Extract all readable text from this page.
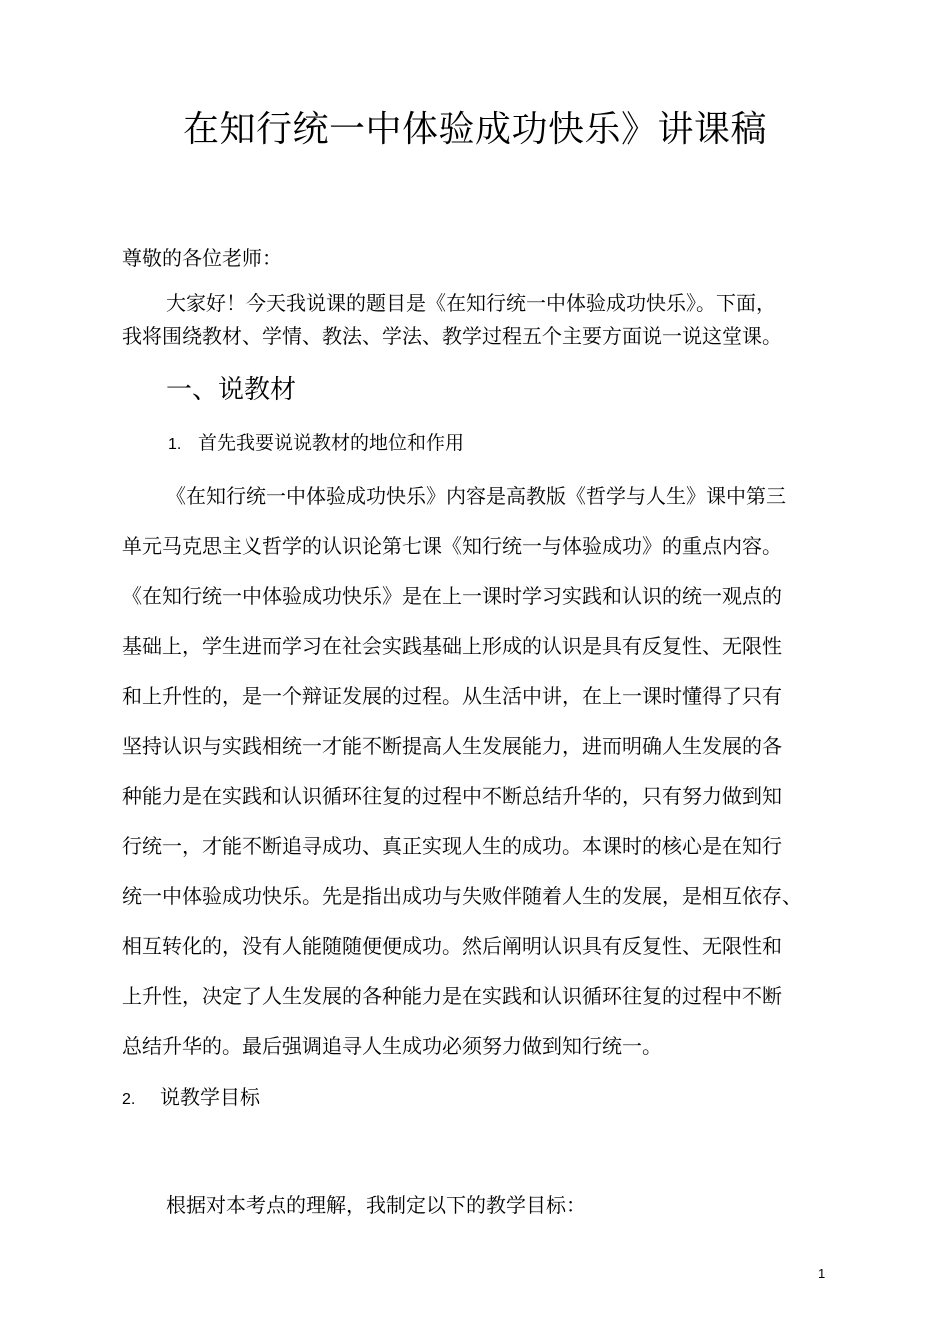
在知行统一中体验成功快乐》讲课稿
尊敬的各位老师：
大家好！今天我说课的题目是《在知行统一中体验成功快乐》。下面，
我将围绕教材、学情、教法、学法、教学过程五个主要方面说一说这堂课。
一、说教材
1. 首先我要说说教材的地位和作用
《在知行统一中体验成功快乐》内容是高教版《哲学与人生》课中第三
单元马克思主义哲学的认识论第七课《知行统一与体验成功》的重点内容。
《在知行统一中体验成功快乐》是在上一课时学习实践和认识的统一观点的
基础上，学生进而学习在社会实践基础上形成的认识是具有反复性、无限性
和上升性的，是一个辩证发展的过程。从生活中讲，在上一课时懂得了只有
坚持认识与实践相统一才能不断提高人生发展能力，进而明确人生发展的各
种能力是在实践和认识循环往复的过程中不断总结升华的，只有努力做到知
行统一，才能不断追寻成功、真正实现人生的成功。本课时的核心是在知行
统一中体验成功快乐。先是指出成功与失败伴随着人生的发展，是相互依存、
相互转化的，没有人能随随便便成功。然后阐明认识具有反复性、无限性和
上升性，决定了人生发展的各种能力是在实践和认识循环往复的过程中不断
总结升华的。最后强调追寻人生成功必须努力做到知行统一。
2. 说教学目标
根据对本考点的理解，我制定以下的教学目标：
1
